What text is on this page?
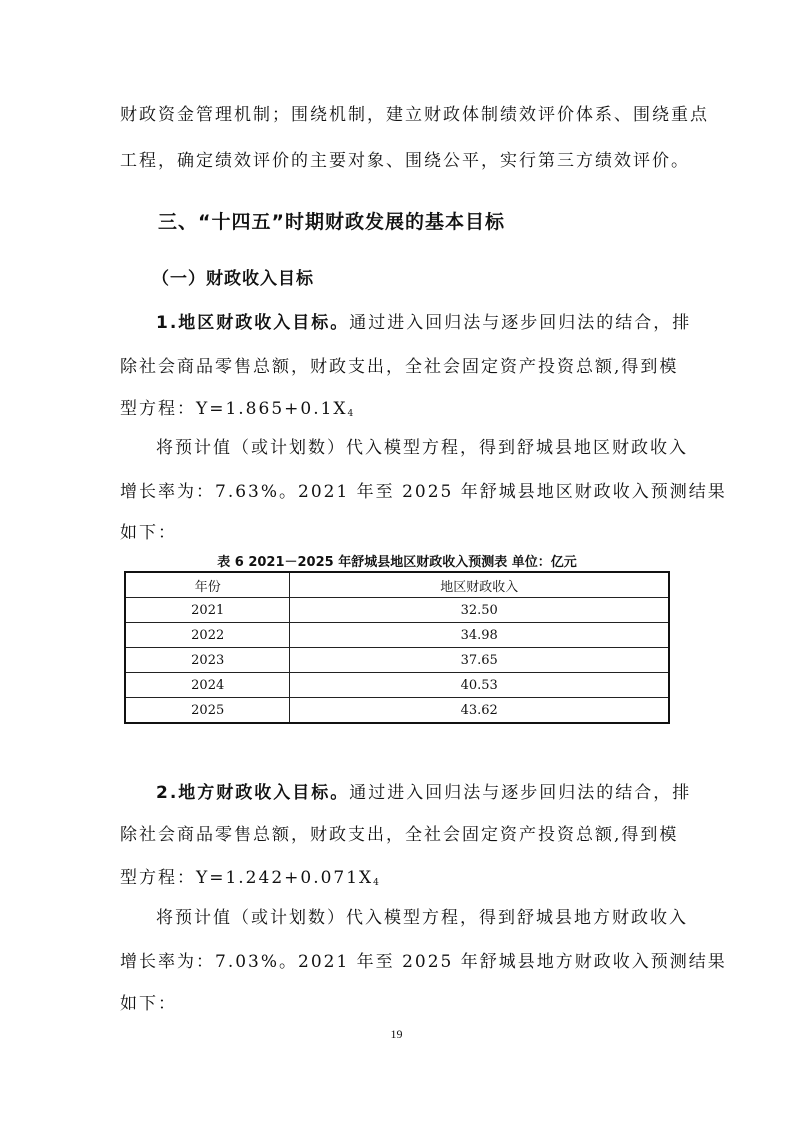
财政资金管理机制；围绕机制，建立财政体制绩效评价体系、围绕重点

工程，确定绩效评价的主要对象、围绕公平，实行第三方绩效评价。

三、“十四五”时期财政发展的基本目标
（一）财政收入目标

1.地区财政收入目标。通过进入回归法与逐步回归法的结合，排

除社会商品零售总额，财政支出，全社会固定资产投资总额,得到模

型方程：$Y=1.865+0.1X_4$

将预计值（或计划数）代入模型方程，得到舒城县地区财政收入

增长率为：7.63%。2021 年至 2025 年舒城县地区财政收入预测结果

如下：

表 6 2021－2025 年舒城县地区财政收入预测表 单位：亿元
年份	地区财政收入
2021	32.50
2022	34.98
2023	37.65
2024	40.53
2025	43.62

2.地方财政收入目标。通过进入回归法与逐步回归法的结合，排

除社会商品零售总额，财政支出，全社会固定资产投资总额,得到模

型方程：$Y=1.242+0.071X_4$

将预计值（或计划数）代入模型方程，得到舒城县地方财政收入

增长率为：7.03%。2021 年至 2025 年舒城县地方财政收入预测结果

如下：

19
